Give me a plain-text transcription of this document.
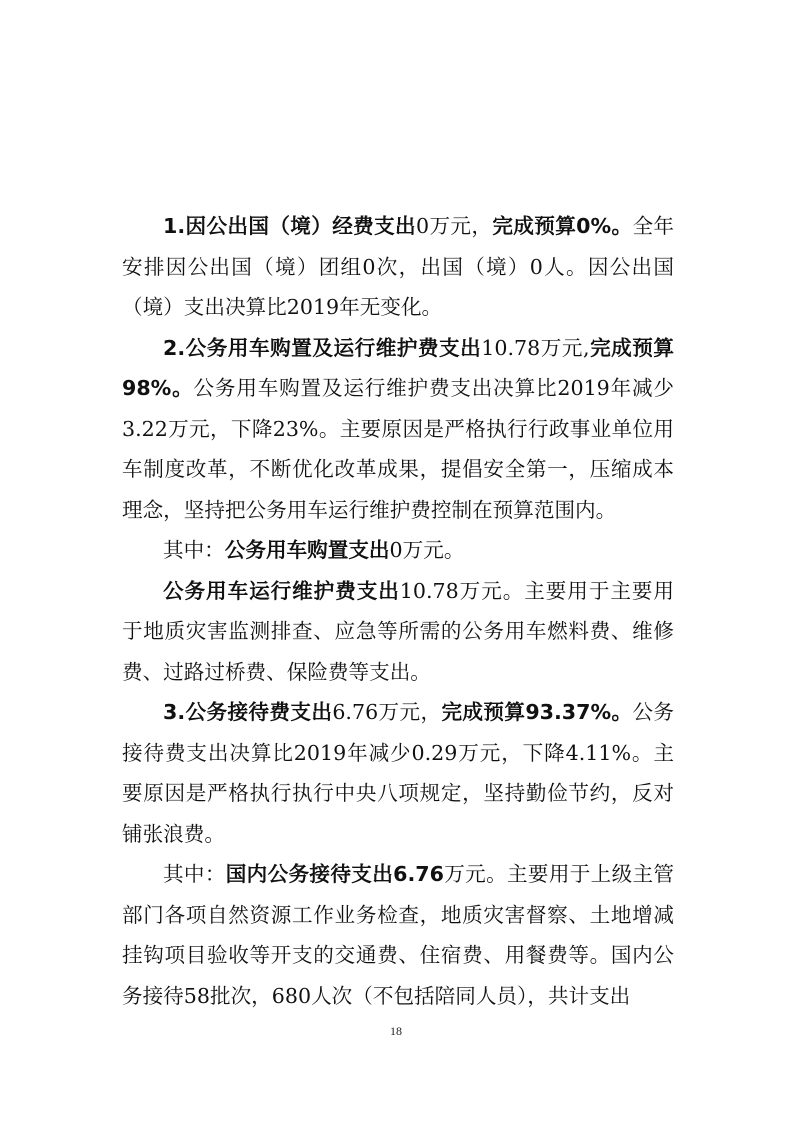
1.因公出国（境）经费支出0万元，完成预算0%。全年安排因公出国（境）团组0次，出国（境）0人。因公出国（境）支出决算比2019年无变化。

2.公务用车购置及运行维护费支出10.78万元,完成预算98%。公务用车购置及运行维护费支出决算比2019年减少3.22万元，下降23%。主要原因是严格执行行政事业单位用车制度改革，不断优化改革成果，提倡安全第一，压缩成本理念，坚持把公务用车运行维护费控制在预算范围内。

其中：公务用车购置支出0万元。

公务用车运行维护费支出10.78万元。主要用于主要用于地质灾害监测排查、应急等所需的公务用车燃料费、维修费、过路过桥费、保险费等支出。

3.公务接待费支出6.76万元，完成预算93.37%。公务接待费支出决算比2019年减少0.29万元，下降4.11%。主要原因是严格执行执行中央八项规定，坚持勤俭节约，反对铺张浪费。

其中：国内公务接待支出6.76万元。主要用于上级主管部门各项自然资源工作业务检查，地质灾害督察、土地增减挂钩项目验收等开支的交通费、住宿费、用餐费等。国内公务接待58批次，680人次（不包括陪同人员），共计支出

18
